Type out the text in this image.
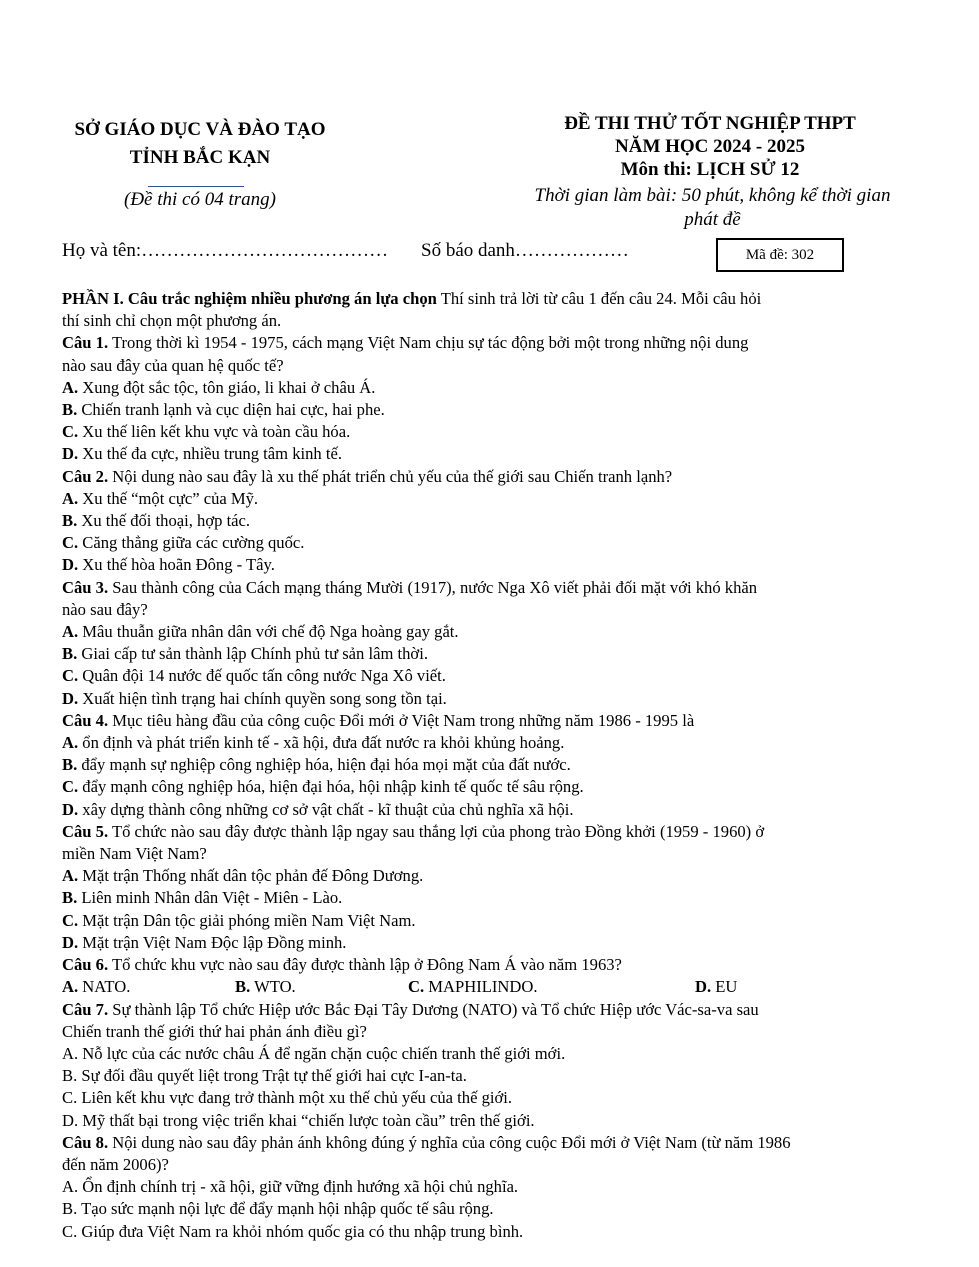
SỞ GIÁO DỤC VÀ ĐÀO TẠO
TỈNH BẮC KẠN
(Đề thi có 04 trang)
ĐỀ THI THỬ TỐT NGHIỆP THPT
NĂM HỌC 2024 - 2025
Môn thi: LỊCH SỬ 12
Thời gian làm bài: 50 phút, không kể thời gian
phát đề
Họ và tên:………………………………… Số báo danh………………	Mã đề: 302

PHẦN I. Câu trắc nghiệm nhiều phương án lựa chọn Thí sinh trả lời từ câu 1 đến câu 24. Mỗi câu hỏi

thí sinh chỉ chọn một phương án.

Câu 1. Trong thời kì 1954 - 1975, cách mạng Việt Nam chịu sự tác động bởi một trong những nội dung

nào sau đây của quan hệ quốc tế?

A. Xung đột sắc tộc, tôn giáo, li khai ở châu Á.

B. Chiến tranh lạnh và cục diện hai cực, hai phe.

C. Xu thế liên kết khu vực và toàn cầu hóa.

D. Xu thế đa cực, nhiều trung tâm kinh tế.

Câu 2. Nội dung nào sau đây là xu thế phát triển chủ yếu của thế giới sau Chiến tranh lạnh?

A. Xu thế “một cực” của Mỹ.

B. Xu thế đối thoại, hợp tác.

C. Căng thẳng giữa các cường quốc.

D. Xu thế hòa hoãn Đông - Tây.

Câu 3. Sau thành công của Cách mạng tháng Mười (1917), nước Nga Xô viết phải đối mặt với khó khăn

nào sau đây?

A. Mâu thuẫn giữa nhân dân với chế độ Nga hoàng gay gắt.

B. Giai cấp tư sản thành lập Chính phủ tư sản lâm thời.

C. Quân đội 14 nước đế quốc tấn công nước Nga Xô viết.

D. Xuất hiện tình trạng hai chính quyền song song tồn tại.

Câu 4. Mục tiêu hàng đầu của công cuộc Đổi mới ở Việt Nam trong những năm 1986 - 1995 là

A. ổn định và phát triển kinh tế - xã hội, đưa đất nước ra khỏi khủng hoảng.

B. đẩy mạnh sự nghiệp công nghiệp hóa, hiện đại hóa mọi mặt của đất nước.

C. đẩy mạnh công nghiệp hóa, hiện đại hóa, hội nhập kinh tế quốc tế sâu rộng.

D. xây dựng thành công những cơ sở vật chất - kĩ thuật của chủ nghĩa xã hội.

Câu 5. Tổ chức nào sau đây được thành lập ngay sau thắng lợi của phong trào Đồng khởi (1959 - 1960) ở

miền Nam Việt Nam?

A. Mặt trận Thống nhất dân tộc phản đế Đông Dương.

B. Liên minh Nhân dân Việt - Miên - Lào.

C. Mặt trận Dân tộc giải phóng miền Nam Việt Nam.

D. Mặt trận Việt Nam Độc lập Đồng minh.

Câu 6. Tổ chức khu vực nào sau đây được thành lập ở Đông Nam Á vào năm 1963?

A. NATO.	B. WTO.	C. MAPHILINDO.	D. EU

Câu 7. Sự thành lập Tổ chức Hiệp ước Bắc Đại Tây Dương (NATO) và Tổ chức Hiệp ước Vác-sa-va sau

Chiến tranh thế giới thứ hai phản ánh điều gì?

A. Nỗ lực của các nước châu Á để ngăn chặn cuộc chiến tranh thế giới mới.

B. Sự đối đầu quyết liệt trong Trật tự thế giới hai cực I-an-ta.

C. Liên kết khu vực đang trở thành một xu thế chủ yếu của thế giới.

D. Mỹ thất bại trong việc triển khai “chiến lược toàn cầu” trên thế giới.

Câu 8. Nội dung nào sau đây phản ánh không đúng ý nghĩa của công cuộc Đổi mới ở Việt Nam (từ năm 1986

đến năm 2006)?

A. Ổn định chính trị - xã hội, giữ vững định hướng xã hội chủ nghĩa.

B. Tạo sức mạnh nội lực để đẩy mạnh hội nhập quốc tế sâu rộng.

C. Giúp đưa Việt Nam ra khỏi nhóm quốc gia có thu nhập trung bình.
